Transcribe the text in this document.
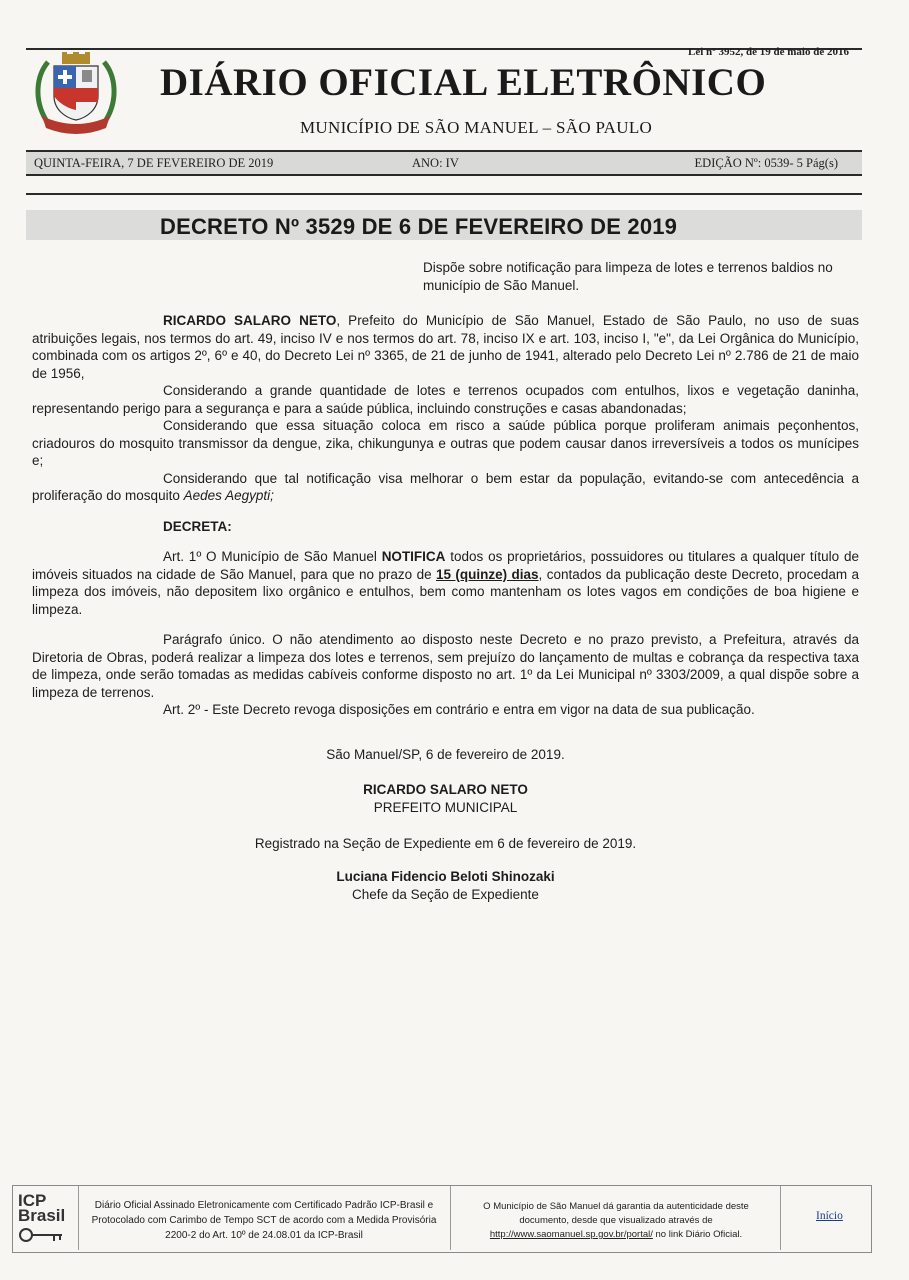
Lei nº 3952, de 19 de maio de 2016
DIÁRIO OFICIAL ELETRÔNICO
MUNICÍPIO DE SÃO MANUEL – SÃO PAULO
QUINTA-FEIRA, 7 DE FEVEREIRO DE 2019	ANO: IV	EDIÇÃO Nº: 0539- 5 Pág(s)
DECRETO Nº 3529 DE 6 DE FEVEREIRO DE 2019
Dispõe sobre notificação para limpeza de lotes e terrenos baldios no município de São Manuel.

RICARDO SALARO NETO, Prefeito do Município de São Manuel, Estado de São Paulo, no uso de suas atribuições legais, nos termos do art. 49, inciso IV e nos termos do art. 78, inciso IX e art. 103, inciso I, "e", da Lei Orgânica do Município, combinada com os artigos 2º, 6º e 40, do Decreto Lei nº 3365, de 21 de junho de 1941, alterado pelo Decreto Lei nº 2.786 de 21 de maio de 1956,

Considerando a grande quantidade de lotes e terrenos ocupados com entulhos, lixos e vegetação daninha, representando perigo para a segurança e para a saúde pública, incluindo construções e casas abandonadas;

Considerando que essa situação coloca em risco a saúde pública porque proliferam animais peçonhentos, criadouros do mosquito transmissor da dengue, zika, chikungunya e outras que podem causar danos irreversíveis a todos os munícipes e;

Considerando que tal notificação visa melhorar o bem estar da população, evitando-se com antecedência a proliferação do mosquito Aedes Aegypti;

DECRETA:

Art. 1º O Município de São Manuel NOTIFICA todos os proprietários, possuidores ou titulares a qualquer título de imóveis situados na cidade de São Manuel, para que no prazo de 15 (quinze) dias, contados da publicação deste Decreto, procedam a limpeza dos imóveis, não depositem lixo orgânico e entulhos, bem como mantenham os lotes vagos em condições de boa higiene e limpeza.

Parágrafo único. O não atendimento ao disposto neste Decreto e no prazo previsto, a Prefeitura, através da Diretoria de Obras, poderá realizar a limpeza dos lotes e terrenos, sem prejuízo do lançamento de multas e cobrança da respectiva taxa de limpeza, onde serão tomadas as medidas cabíveis conforme disposto no art. 1º da Lei Municipal nº 3303/2009, a qual dispõe sobre a limpeza de terrenos.

Art. 2º - Este Decreto revoga disposições em contrário e entra em vigor na data de sua publicação.

São Manuel/SP, 6 de fevereiro de 2019.
RICARDO SALARO NETO
PREFEITO MUNICIPAL
Registrado na Seção de Expediente em 6 de fevereiro de 2019.
Luciana Fidencio Beloti Shinozaki
Chefe da Seção de Expediente
ICP
Brasil
Diário Oficial Assinado Eletronicamente com Certificado Padrão ICP-Brasil e Protocolado com Carimbo de Tempo SCT de acordo com a Medida Provisória 2200-2 do Art. 10º de 24.08.01 da ICP-Brasil
O Município de São Manuel dá garantia da autenticidade deste documento, desde que visualizado através de http://www.saomanuel.sp.gov.br/portal/ no link Diário Oficial.
Início
